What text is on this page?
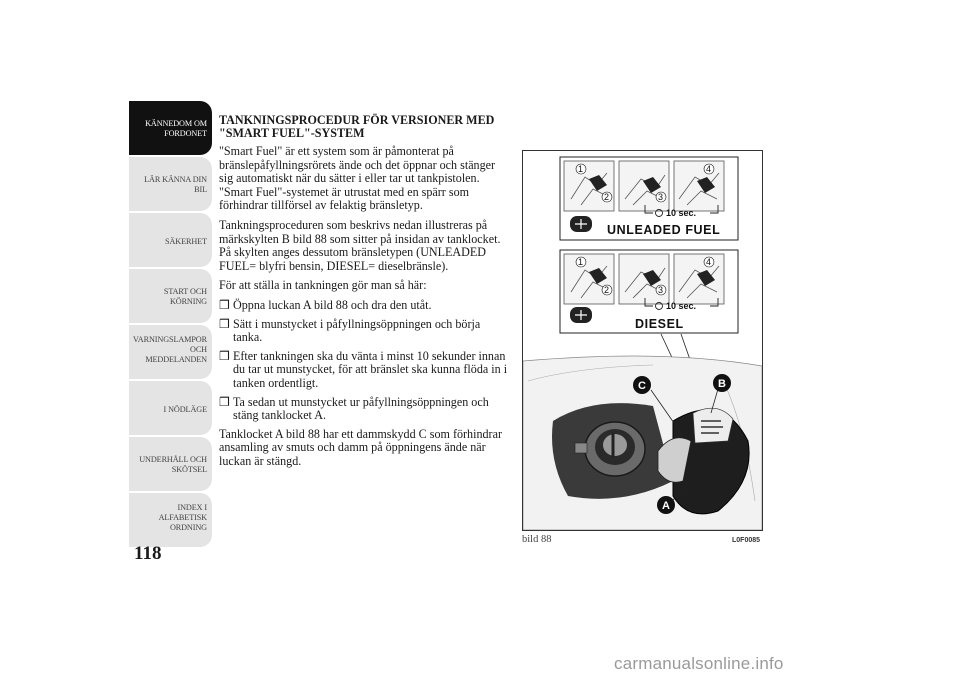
KÄNNEDOM OM
FORDONET
LÄR KÄNNA DIN
BIL
SÄKERHET
START OCH
KÖRNING
VARNINGSLAMPOR
OCH
MEDDELANDEN
I NÖDLÄGE
UNDERHÅLL OCH
SKÖTSEL
INDEX I
ALFABETISK
ORDNING
118
TANKNINGSPROCEDUR FÖR VERSIONER MED "SMART FUEL"-SYSTEM

"Smart Fuel" är ett system som är påmonterat på bränslepåfyllningsrörets ände och det öppnar och stänger sig automatiskt när du sätter i eller tar ut tankpistolen. "Smart Fuel"-systemet är utrustat med en spärr som förhindrar tillförsel av felaktig bränsletyp.

Tankningsproceduren som beskrivs nedan illustreras på märkskylten B bild 88 som sitter på insidan av tanklocket. På skylten anges dessutom bränsletypen (UNLEADED FUEL= blyfri bensin, DIESEL= dieselbränsle).

För att ställa in tankningen gör man så här:

❒ Öppna luckan A bild 88 och dra den utåt.
❒ Sätt i munstycket i påfyllningsöppningen och börja tanka.
❒ Efter tankningen ska du vänta i minst 10 sekunder innan du tar ut munstycket, för att bränslet ska kunna flöda in i tanken ordentligt.
❒ Ta sedan ut munstycket ur påfyllningsöppningen och stäng tanklocket A.

Tanklocket A bild 88 har ett dammskydd C som förhindrar ansamling av smuts och damm på öppningens ände när luckan är stängd.

1
2	3
4
10 sec.
UNLEADED FUEL
1
2	3
4
10 sec.
DIESEL
C	B
A
bild 88	L0F0085
carmanualsonline.info
